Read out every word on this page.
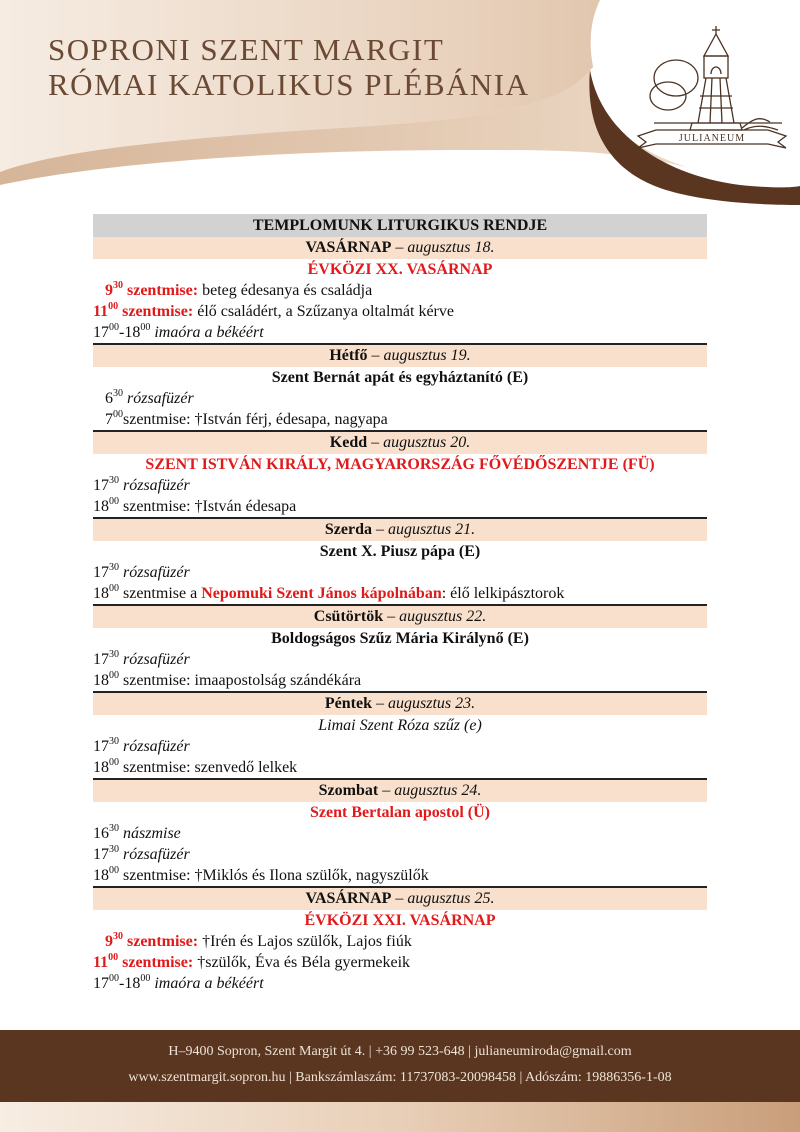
SOPRONI SZENT MARGIT
RÓMAI KATOLIKUS PLÉBÁNIA
JULIANEUM
TEMPLOMUNK LITURGIKUS RENDJE
VASÁRNAP – augusztus 18.
ÉVKÖZI XX. VASÁRNAP
$9^{30}$ szentmise: beteg édesanya és családja
$11^{00}$ szentmise: élő családért, a Szűzanya oltalmát kérve
$17^{00}-18^{00}$ imaóra a békéért
Hétfő – augusztus 19.
Szent Bernát apát és egyháztanító (E)
$6^{30}$ rózsafüzér
$7^{00}szentmise$: †István férj, édesapa, nagyapa
Kedd – augusztus 20.
SZENT ISTVÁN KIRÁLY, MAGYARORSZÁG FŐVÉDŐSZENTJE (FÜ)
$17^{30}$ rózsafüzér
$18^{00}$ szentmise: †István édesapa
Szerda – augusztus 21.
Szent X. Piusz pápa (E)
$17^{30}$ rózsafüzér
$18^{00}$ szentmise a Nepomuki Szent János kápolnában: élő lelkipásztorok
Csütörtök – augusztus 22.
Boldogságos Szűz Mária Királynő (E)
$17^{30}$ rózsafüzér
$18^{00}$ szentmise: imaapostolság szándékára
Péntek – augusztus 23.
Limai Szent Róza szűz (e)
$17^{30}$ rózsafüzér
$18^{00}$ szentmise: szenvedő lelkek
Szombat – augusztus 24.
Szent Bertalan apostol (Ü)
$16^{30}$ nászmise
$17^{30}$ rózsafüzér
$18^{00}$ szentmise: †Miklós és Ilona szülők, nagyszülők
VASÁRNAP – augusztus 25.
ÉVKÖZI XXI. VASÁRNAP
$9^{30}$ szentmise: †Irén és Lajos szülők, Lajos fiúk
$11^{00}$ szentmise: †szülők, Éva és Béla gyermekeik
$17^{00}-18^{00}$ imaóra a békéért
H–9400 Sopron, Szent Margit út 4. | +36 99 523-648 | julianeumiroda@gmail.com
www.szentmargit.sopron.hu | Bankszámlaszám: 11737083-20098458 | Adószám: 19886356-1-08
